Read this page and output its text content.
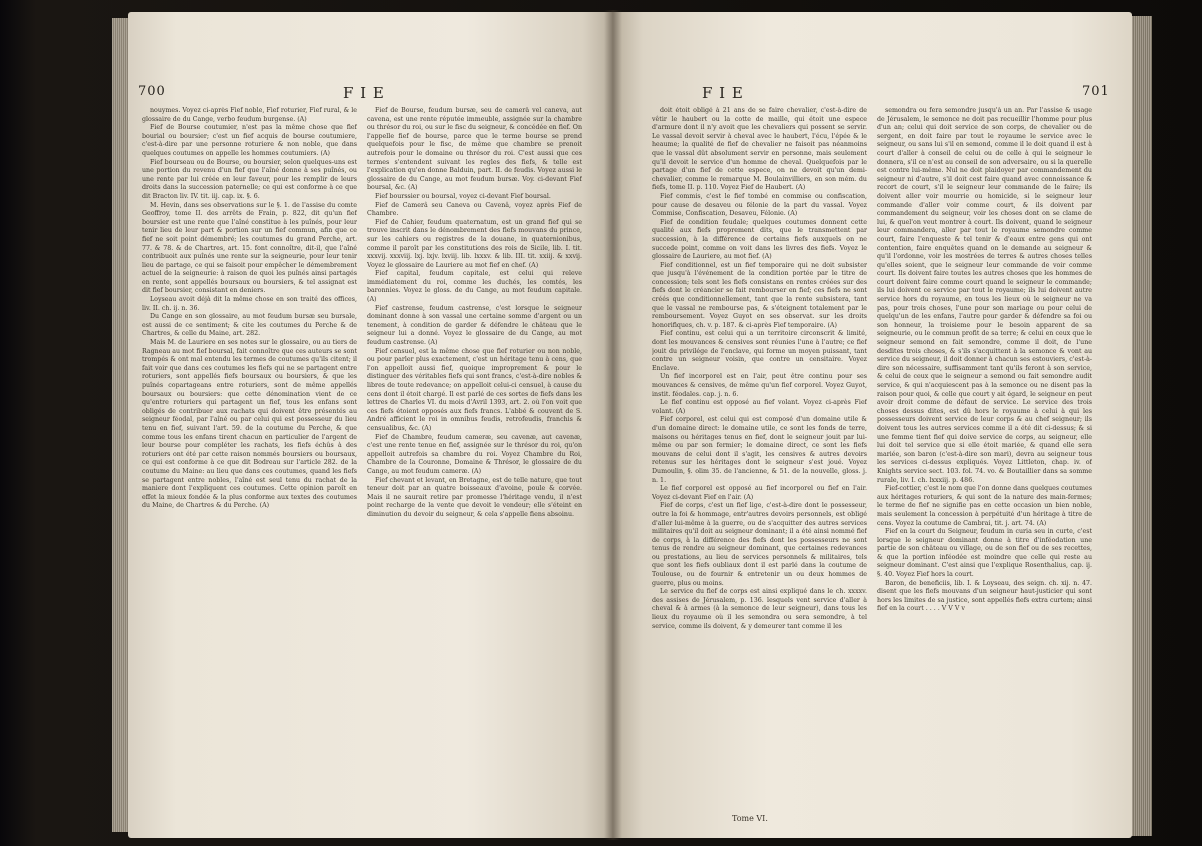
700	F I E

nouymes. Voyez ci-après Fief noble, Fief roturier, Fief rural, & le glossaire de du Cange, verbo feudum burgense. (A)

Fief de Bourse coutumier, n'est pas la même chose que fief bourial ou boursier; c'est un fief acquis de bourse coutumiere, c'est-à-dire par une personne roturiere & non noble, que dans quelques coutumes on appelle les hommes coutumiers. (A)

Fief bourseau ou de Bourse, ou boursier, selon quelques-uns est une portion du revenu d'un fief que l'aîné donne à ses puînés, ou une rente par lui créée en leur faveur, pour les remplir de leurs droits dans la succession paternelle; ce qui est conforme à ce que dit Bracton liv. IV. tit. iij. cap. ix. §. 6.

M. Hevin, dans ses observations sur le §. 1. de l'assise du comte Geoffroy, tome II. des arrêts de Frain, p. 822, dit qu'un fief boursier est une rente que l'aîné constitue à les puînés, pour leur tenir lieu de leur part & portion sur un fief commun, afin que ce fief ne soit point démembré; les coutumes du grand Perche, art. 77. & 78. & de Chartres, art. 15. font connoître, dit-il, que l'aîné contribuoit aux puînés une rente sur la seigneurie, pour leur tenir lieu de partage, ce qui se faisoit pour empêcher le démembrement actuel de la seigneurie: à raison de quoi les puînés ainsi partagés en rente, sont appellés boursaux ou boursiers, & tel assignat est dit fief boursier, consistant en deniers.

Loyseau avoit déjà dit la même chose en son traité des offices, liv. II. ch. ij. n. 36.

Du Cange en son glossaire, au mot feudum bursæ seu bursale, est aussi de ce sentiment; & cite les coutumes du Perche & de Chartres, & celle du Maine, art. 282.

Mais M. de Lauriere en ses notes sur le glossaire, ou au tiers de Ragneau au mot fief boursal, fait connoître que ces auteurs se sont trompés & ont mal entendu les termes de coutumes qu'ils citent; il fait voir que dans ces coutumes les fiefs qui ne se partagent entre roturiers, sont appellés fiefs boursaux ou boursiers, & que les puînés copartageans entre roturiers, sont de même appellés boursaux ou boursiers: que cette dénomination vient de ce qu'entre roturiers qui partagent un fief, tous les enfans sont obligés de contribuer aux rachats qui doivent être présentés au seigneur féodal, par l'aîné ou par celui qui est possesseur du lieu tenu en fief, suivant l'art. 59. de la coutume du Perche, & que comme tous les enfans tirent chacun en particulier de l'argent de leur bourse pour compléter les rachats, les fiefs échûs à des roturiers ont été par cette raison nommés boursiers ou boursaux, ce qui est conforme à ce que dit Bodreau sur l'article 282. de la coutume du Maine: au lieu que dans ces coutumes, quand les fiefs se partagent entre nobles, l'aîné est seul tenu du rachat de la maniere dont l'expliquent ces coutumes. Cette opinion paroît en effet la mieux fondée & la plus conforme aux textes des coutumes du Maine, de Chartres & du Perche. (A)

Fief de Bourse, feudum bursæ, seu de camerâ vel caneva, aut cavena, est une rente réputée immeuble, assignée sur la chambre ou thrésor du roi, ou sur le fisc du seigneur, & concédée en fief. On l'appelle fief de bourse, parce que le terme bourse se prend quelquefois pour le fisc, de même que chambre se prenoit autrefois pour le domaine ou thrésor du roi. C'est aussi que ces termes s'entendent suivant les regles des fiefs, & telle est l'explication qu'en donne Balduin, part. II. de feudis. Voyez aussi le glossaire de du Cange, au mot feudum bursæ. Voy. ci-devant Fief boursal, &c. (A)

Fief bourssier ou boursal, voyez ci-devant Fief boursal.

Fief de Camerâ seu Caneva ou Cavenâ, voyez après Fief de Chambre.

Fief de Cahier, feudum quaternatum, est un grand fief qui se trouve inscrit dans le dénombrement des fiefs mouvans du prince, sur les cahiers ou registres de la douane, in quaternionibus, comme il paroît par les constitutions des rois de Sicile, lib. I. tit. xxxvij. xxxviij. lxj. lxjv. lxviij. lib. lxxxv. & lib. III. tit. xxiij. & xxvij. Voyez le glossaire de Lauriere au mot fief en chef. (A)

Fief capital, feudum capitale, est celui qui releve immédiatement du roi, comme les duchés, les comtés, les baronnies. Voyez le gloss. de du Cange, au mot feudum capitale. (A)

Fief castrense, feudum castrense, c'est lorsque le seigneur dominant donne à son vassal une certaine somme d'argent ou un tenement, à condition de garder & défendre le château que le seigneur lui a donné. Voyez le glossaire de du Cange, au mot feudum castrense. (A)

Fief censuel, est la même chose que fief roturier ou non noble, ou pour parler plus exactement, c'est un héritage tenu à cens, que l'on appelloit aussi fief, quoique improprement & pour le distinguer des véritables fiefs qui sont francs, c'est-à-dire nobles & libres de toute redevance; on appelloit celui-ci censuel, à cause du cens dont il étoit chargé. Il est parlé de ces sortes de fiefs dans les lettres de Charles VI. du mois d'Avril 1393, art. 2. où l'on voit que ces fiefs étoient opposés aux fiefs francs. L'abbé & couvent de S. André afficient le roi in omnibus feudis, retrofeudis, franchis & censualibus, &c. (A)

Fief de Chambre, feudum cameræ, seu cavenæ, aut cavenæ, c'est une rente tenue en fief, assignée sur le thrésor du roi, qu'on appelloit autrefois sa chambre du roi. Voyez Chambre du Roi, Chambre de la Couronne, Domaine & Thrésor, le glossaire de du Cange, au mot feudum cameræ. (A)

Fief chevant et levant, en Bretagne, est de telle nature, que tout teneur doit par an quatre boisseaux d'avoine, poule & corvée. Mais il ne saurait retire par promesse l'héritage vendu, il n'est point recharge de la vente que devoit le vendeur; elle s'éteint en diminution du devoir du seigneur, & cela s'appelle fiens absoinu.

F I E	701

doit étoit obligé à 21 ans de se faire chevalier, c'est-à-dire de vêtir le haubert ou la cotte de maille, qui étoit une espece d'armure dont il n'y avoit que les chevaliers qui possent se servir. Le vassal devoit servir à cheval avec le haubert, l'écu, l'épée & le heaume; la qualité de fief de chevalier ne faisoit pas néanmoins que le vassal dût absolument servir en personne, mais seulement qu'il devoit le service d'un homme de cheval. Quelquefois par le partage d'un fief de cette espece, on ne devoit qu'un demi-chevalier, comme le remarque M. Boulainvilliers, en son mém. du fiefs, tome II. p. 110. Voyez Fief de Haubert. (A)

Fief commis, c'est le fief tombé en commise ou confiscation, pour cause de desaveu ou félonie de la part du vassal. Voyez Commise, Confiscation, Desaveu, Félonie. (A)

Fief de condition feudale; quelques coutumes donnent cette qualité aux fiefs proprement dits, que le transmettent par succession, à la différence de certains fiefs auxquels on ne succede point, comme on voit dans les livres des fiefs. Voyez le glossaire de Lauriere, au mot fief. (A)

Fief conditionnel, est un fief temporaire qui ne doit subsister que jusqu'à l'événement de la condition portée par le titre de concession; tels sont les fiefs consistans en rentes créées sur des fiefs dont le créancier se fait rembourser en fief; ces fiefs ne sont créés que conditionnellement, tant que la rente subsistera, tant que le vassal ne rembourse pas, & s'éteignent totalement par le remboursement. Voyez Guyot en ses observat. sur les droits honorifiques, ch. v. p. 187. & ci-après Fief temporaire. (A)

Fief continu, est celui qui a un territoire circonscrit & limité, dont les mouvances & censives sont réunies l'une à l'autre; ce fief jouit du privilége de l'enclave, qui forme un moyen puissant, tant contre un seigneur voisin, que contre un censitaire. Voyez Enclave.

Un fief incorporel est en l'air, peut être continu pour ses mouvances & censives, de même qu'un fief corporel. Voyez Guyot, instit. féodales. cap. j. n. 6.

Le fief continu est opposé au fief volant. Voyez ci-après Fief volant. (A)

Fief corporel, est celui qui est composé d'un domaine utile & d'un domaine direct: le domaine utile, ce sont les fonds de terre, maisons ou héritages tenus en fief, dont le seigneur jouit par lui-même ou par son fermier; le domaine direct, ce sont les fiefs mouvans de celui dont il s'agit, les censives & autres devoirs retenus sur les héritages dont le seigneur s'est joué. Voyez Dumoulin, §. olim 35. de l'ancienne, & 51. de la nouvelle, gloss. j. n. 1.

Le fief corporel est opposé au fief incorporel ou fief en l'air. Voyez ci-devant Fief en l'air. (A)

Fief de corps, c'est un fief lige, c'est-à-dire dont le possesseur, outre la foi & hommage, entr'autres devoirs personnels, est obligé d'aller lui-même à la guerre, ou de s'acquitter des autres services militaires qu'il doit au seigneur dominant; il a été ainsi nommé fief de corps, à la différence des fiefs dont les possesseurs ne sont tenus de rendre au seigneur dominant, que certaines redevances ou prestations, au lieu de services personnels & militaires, tels que sont les fiefs oubliaux dont il est parlé dans la coutume de Toulouse, ou de fournir & entretenir un ou deux hommes de guerre, plus ou moins.

Le service du fief de corps est ainsi expliqué dans le ch. xxxxv. des assises de Jérusalem, p. 136. lesquels vent service d'aller à cheval & à armes (à la semonce de leur seigneur), dans tous les lieux du royaume où il les semondra ou sera semondre, à tel service, comme ils doivent, & y demeurer tant comme il les

semondra ou fera semondre jusqu'à un an. Par l'assise & usage de Jérusalem, le semonce ne doit pas recueillir l'homme pour plus d'un an; celui qui doit service de son corps, de chevalier ou de sergent, en doit faire par tout le royaume le service avec le seigneur, ou sans lui s'il en semond, comme il le doit quand il est à court d'aller à conseil de celui ou de celle à qui le seigneur le donnera, s'il ce n'est au conseil de son adversaire, ou si la querelle est contre lui-même. Nul ne doit plaidoyer par commandement du seigneur ni d'autre, s'il doit cest faire quand avec connoissance & recort de court, s'il le seigneur leur commande de le faire; ils doivent aller voir mourrie ou homicide, si le seigneur leur commande d'aller voir comme court, & ils doivent par commandement du seigneur, voir les choses dont on se clame de lui, & quel'on veut montrer à court. Ils doivent, quand le seigneur leur commandera, aller par tout le royaume semondre comme court, faire l'enqueste & tel tenir & d'eaux entre gens qui ont contention, faire enquêtes quand on le demande au seigneur & qu'il l'ordonne, voir les mostrées de terres & autres choses telles qu'elles soient, que le seigneur leur commande de voir comme court. Ils doivent faire toutes les autres choses que les hommes de court doivent faire comme court quand le seigneur le commande; ils lui doivent ce service par tout le royaume; ils lui doivent autre service hors du royaume, en tous les lieux où le seigneur ne va pas, pour trois choses, l'une pour son mariage ou pour celui de quelqu'un de les enfans, l'autre pour garder & défendre sa foi ou son honneur, la troisieme pour le besoin apparent de sa seigneurie, ou le commun profit de sa terre; & celui en ceux que le seigneur semond en fait semondre, comme il doit, de l'une desdites trois choses, & s'ils s'acquittent à la semonce & vont au service du seigneur, il doit donner à chacun ses estouviers, c'est-à-dire son nécessaire, suffisamment tant qu'ils feront à son service, & celui de ceux que le seigneur a semond ou fait semondre audit service, & qui n'acquiescent pas à la semonce ou ne disent pas la raison pour quoi, & celle que court y ait égard, le seigneur en peut avoir droit comme de défaut de service. Le service des trois choses dessus dites, est dû hors le royaume à celui à qui les possesseurs doivent service de leur corps & au chef seigneur; ils doivent tous les autres services comme il a été dit ci-dessus; & si une femme tient fief qui doive service de corps, au seigneur, elle lui doit tel service que si elle étoit mariée, & quand elle sera mariée, son baron (c'est-à-dire son mari), devra au seigneur tous les services ci-dessus expliqués. Voyez Littleton, chap. iv. of Knights service sect. 103. fol. 74. vo. & Boutaillier dans sa somme rurale, liv. I. ch. lxxxiij. p. 486.

Fief-cottier, c'est le nom que l'on donne dans quelques coutumes aux héritages roturiers, & qui sont de la nature des main-fermes; le terme de fief ne signifie pas en cette occasion un bien noble, mais seulement la concession à perpétuité d'un héritage à titre de cens. Voyez la coutume de Cambrai, tit. j. art. 74. (A)

Fief en la court du Seigneur, feudum in curia seu in curte, c'est lorsque le seigneur dominant donne à titre d'inféodation une partie de son château ou village, ou de son fief ou de ses recettes, & que la portion inféodée est moindre que celle qui reste au seigneur dominant. C'est ainsi que l'explique Rosenthalius, cap. ij. §. 40. Voyez Fief hors la court.

Baron, de beneficiis, lib. I. & Loyseau, des seign. ch. xij. n. 47. disent que les fiefs mouvans d'un seigneur haut-justicier qui sont hors les limites de sa justice, sont appellés fiefs extra curtem; ainsi fief en la court . . . . V V V v

Tome VI.
